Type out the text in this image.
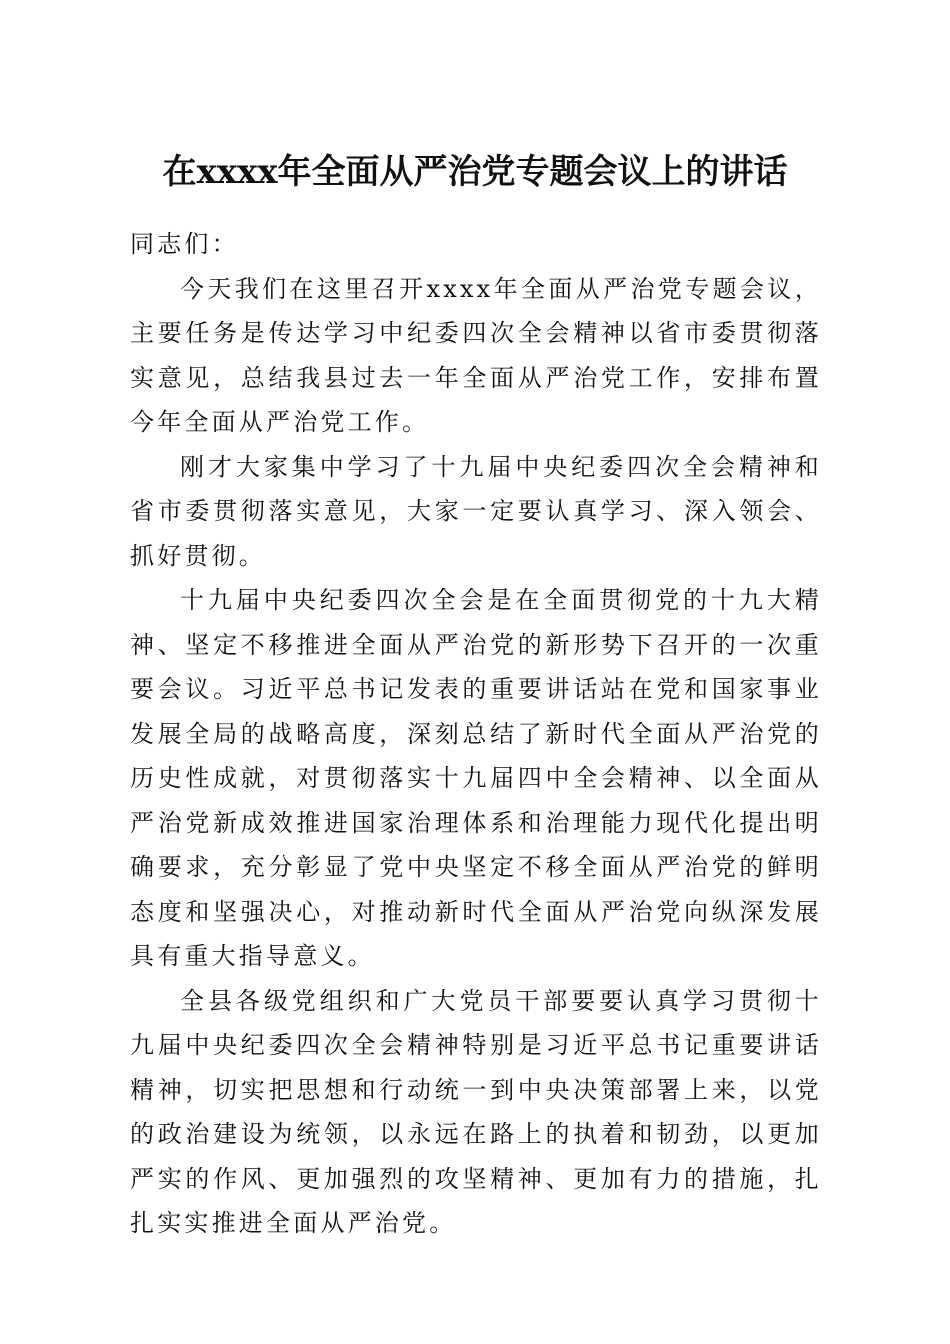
在xxxx年全面从严治党专题会议上的讲话

同志们：

今天我们在这里召开xxxx年全面从严治党专题会议，主要任务是传达学习中纪委四次全会精神以省市委贯彻落实意见，总结我县过去一年全面从严治党工作，安排布置今年全面从严治党工作。

刚才大家集中学习了十九届中央纪委四次全会精神和省市委贯彻落实意见，大家一定要认真学习、深入领会、抓好贯彻。

十九届中央纪委四次全会是在全面贯彻党的十九大精神、坚定不移推进全面从严治党的新形势下召开的一次重要会议。习近平总书记发表的重要讲话站在党和国家事业发展全局的战略高度，深刻总结了新时代全面从严治党的历史性成就，对贯彻落实十九届四中全会精神、以全面从严治党新成效推进国家治理体系和治理能力现代化提出明确要求，充分彰显了党中央坚定不移全面从严治党的鲜明态度和坚强决心，对推动新时代全面从严治党向纵深发展具有重大指导意义。

全县各级党组织和广大党员干部要要认真学习贯彻十九届中央纪委四次全会精神特别是习近平总书记重要讲话精神，切实把思想和行动统一到中央决策部署上来，以党的政治建设为统领，以永远在路上的执着和韧劲，以更加严实的作风、更加强烈的攻坚精神、更加有力的措施，扎扎实实推进全面从严治党。
